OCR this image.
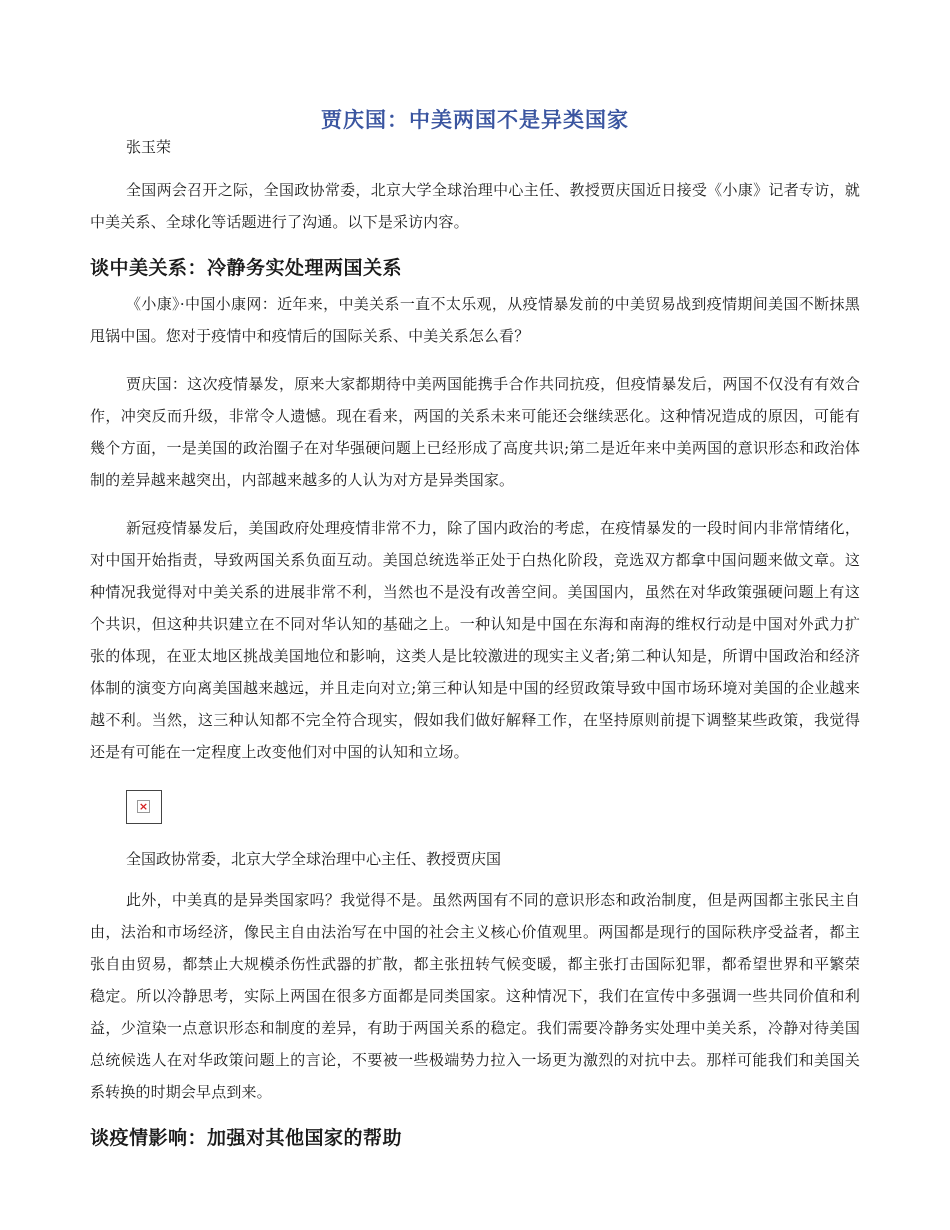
贾庆国：中美两国不是异类国家

张玉荣

全国两会召开之际，全国政协常委，北京大学全球治理中心主任、教授贾庆国近日接受《小康》记者专访，就中美关系、全球化等话题进行了沟通。以下是采访内容。

谈中美关系：冷静务实处理两国关系

《小康》·中国小康网：近年来，中美关系一直不太乐观，从疫情暴发前的中美贸易战到疫情期间美国不断抹黑甩锅中国。您对于疫情中和疫情后的国际关系、中美关系怎么看？

贾庆国：这次疫情暴发，原来大家都期待中美两国能携手合作共同抗疫，但疫情暴发后，两国不仅没有有效合作，冲突反而升级，非常令人遗憾。现在看来，两国的关系未来可能还会继续恶化。这种情况造成的原因，可能有幾个方面，一是美国的政治圈子在对华强硬问题上已经形成了高度共识;第二是近年来中美两国的意识形态和政治体制的差异越来越突出，内部越来越多的人认为对方是异类国家。

新冠疫情暴发后，美国政府处理疫情非常不力，除了国内政治的考虑，在疫情暴发的一段时间内非常情绪化，对中国开始指责，导致两国关系负面互动。美国总统选举正处于白热化阶段，竞选双方都拿中国问题来做文章。这种情况我觉得对中美关系的进展非常不利，当然也不是没有改善空间。美国国内，虽然在对华政策强硬问题上有这个共识，但这种共识建立在不同对华认知的基础之上。一种认知是中国在东海和南海的维权行动是中国对外武力扩张的体现，在亚太地区挑战美国地位和影响，这类人是比较激进的现实主义者;第二种认知是，所谓中国政治和经济体制的演变方向离美国越来越远，并且走向对立;第三种认知是中国的经贸政策导致中国市场环境对美国的企业越来越不利。当然，这三种认知都不完全符合现实，假如我们做好解释工作，在坚持原则前提下调整某些政策，我觉得还是有可能在一定程度上改变他们对中国的认知和立场。

×

全国政协常委，北京大学全球治理中心主任、教授贾庆国

此外，中美真的是异类国家吗？我觉得不是。虽然两国有不同的意识形态和政治制度，但是两国都主张民主自由，法治和市场经济，像民主自由法治写在中国的社会主义核心价值观里。两国都是现行的国际秩序受益者，都主张自由贸易，都禁止大规模杀伤性武器的扩散，都主张扭转气候变暖，都主张打击国际犯罪，都希望世界和平繁荣稳定。所以冷静思考，实际上两国在很多方面都是同类国家。这种情况下，我们在宣传中多强调一些共同价值和利益，少渲染一点意识形态和制度的差异，有助于两国关系的稳定。我们需要冷静务实处理中美关系，冷静对待美国总统候选人在对华政策问题上的言论，不要被一些极端势力拉入一场更为激烈的对抗中去。那样可能我们和美国关系转换的时期会早点到来。

谈疫情影响：加强对其他国家的帮助
